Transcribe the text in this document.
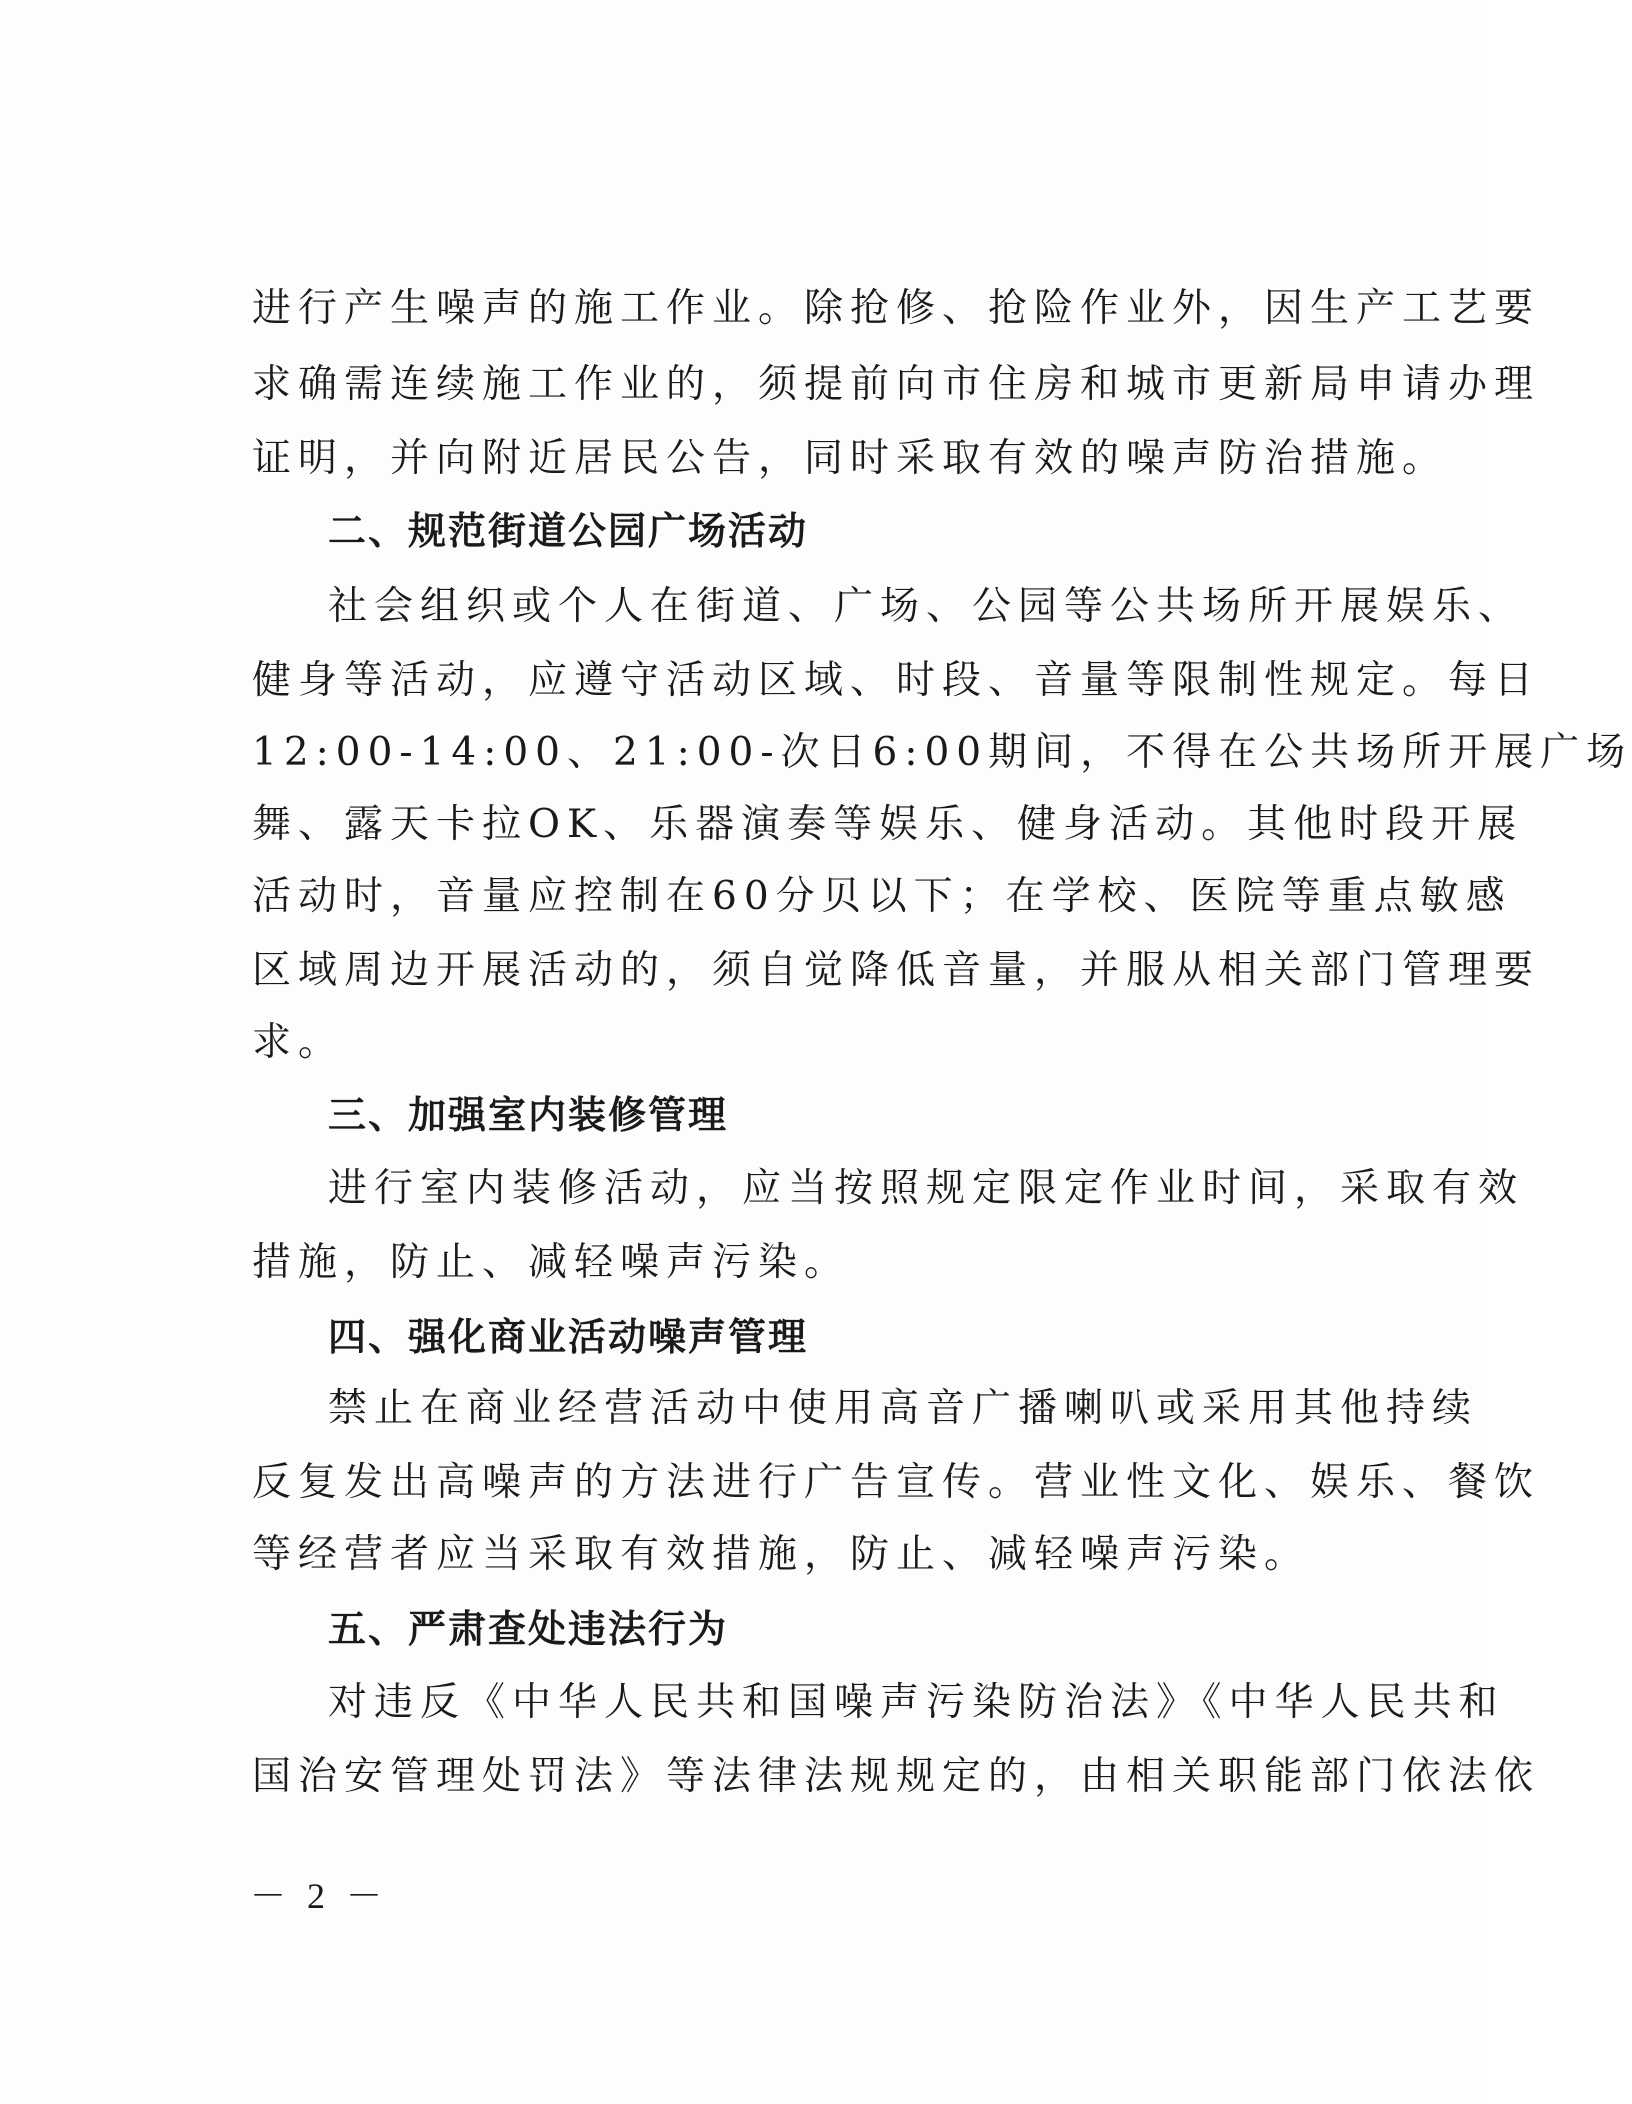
进行产生噪声的施工作业。除抢修、抢险作业外，因生产工艺要
求确需连续施工作业的，须提前向市住房和城市更新局申请办理
证明，并向附近居民公告，同时采取有效的噪声防治措施。
二、规范街道公园广场活动
社会组织或个人在街道、广场、公园等公共场所开展娱乐、
健身等活动，应遵守活动区域、时段、音量等限制性规定。每日
12:00-14:00、21:00-次日6:00期间，不得在公共场所开展广场
舞、露天卡拉OK、乐器演奏等娱乐、健身活动。其他时段开展
活动时，音量应控制在60分贝以下；在学校、医院等重点敏感
区域周边开展活动的，须自觉降低音量，并服从相关部门管理要
求。
三、加强室内装修管理
进行室内装修活动，应当按照规定限定作业时间，采取有效
措施，防止、减轻噪声污染。
四、强化商业活动噪声管理
禁止在商业经营活动中使用高音广播喇叭或采用其他持续
反复发出高噪声的方法进行广告宣传。营业性文化、娱乐、餐饮
等经营者应当采取有效措施，防止、减轻噪声污染。
五、严肃查处违法行为
对违反《中华人民共和国噪声污染防治法》《中华人民共和
国治安管理处罚法》等法律法规规定的，由相关职能部门依法依
－ 2 －
